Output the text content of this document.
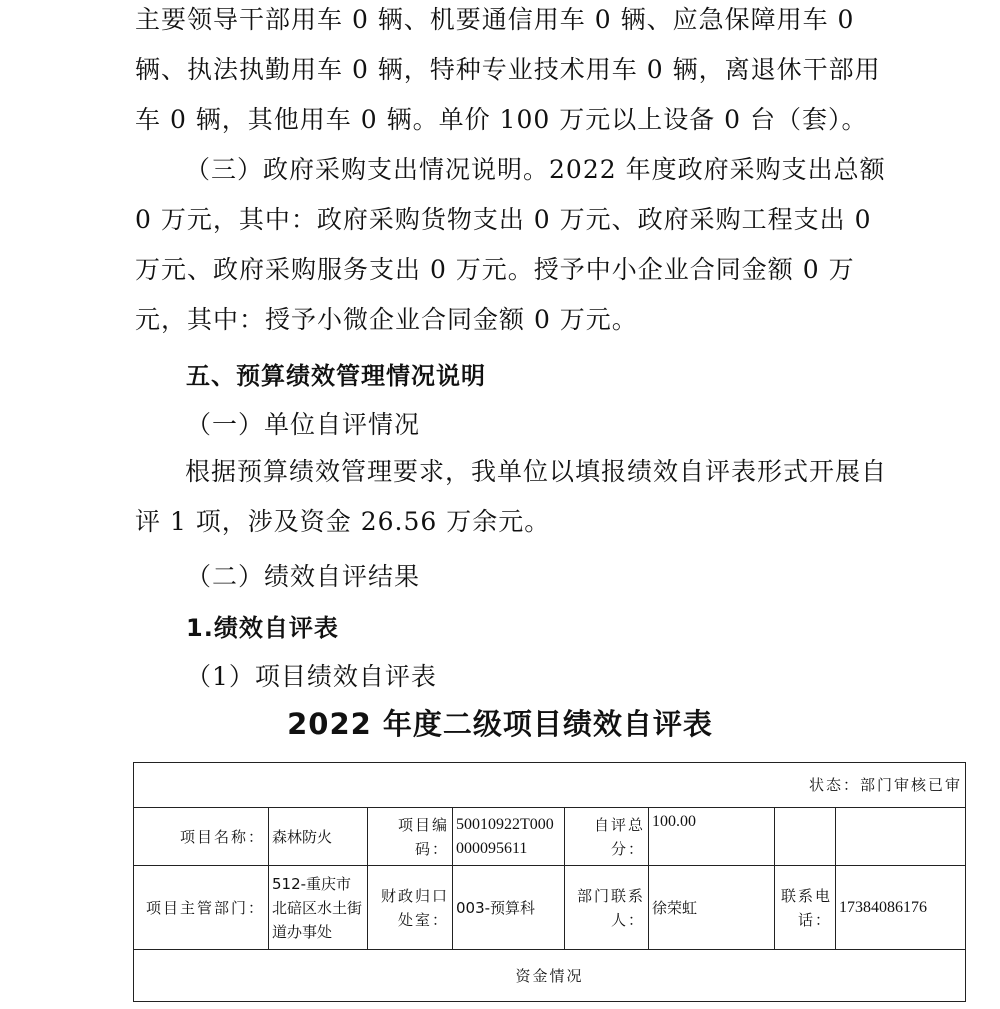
主要领导干部用车 0 辆、机要通信用车 0 辆、应急保障用车 0 辆、执法执勤用车 0 辆，特种专业技术用车 0 辆，离退休干部用车 0 辆，其他用车 0 辆。单价 100 万元以上设备 0 台（套）。

（三）政府采购支出情况说明。2022 年度政府采购支出总额 0 万元，其中：政府采购货物支出 0 万元、政府采购工程支出 0 万元、政府采购服务支出 0 万元。授予中小企业合同金额 0 万元，其中：授予小微企业合同金额 0 万元。

五、预算绩效管理情况说明
（一）单位自评情况

根据预算绩效管理要求，我单位以填报绩效自评表形式开展自评 1 项，涉及资金 26.56 万余元。

（二）绩效自评结果
1.绩效自评表
（1）项目绩效自评表
2022 年度二级项目绩效自评表
状态：部门审核已审							
项目名称：	森林防火	项目编码：	50010922T000000095611	自评总分：	100.00		
项目主管部门：	512-重庆市北碚区水土街道办事处	财政归口处室：	003-预算科	部门联系人：	徐荣虹	联系电话：	17384086176
资金情况							
